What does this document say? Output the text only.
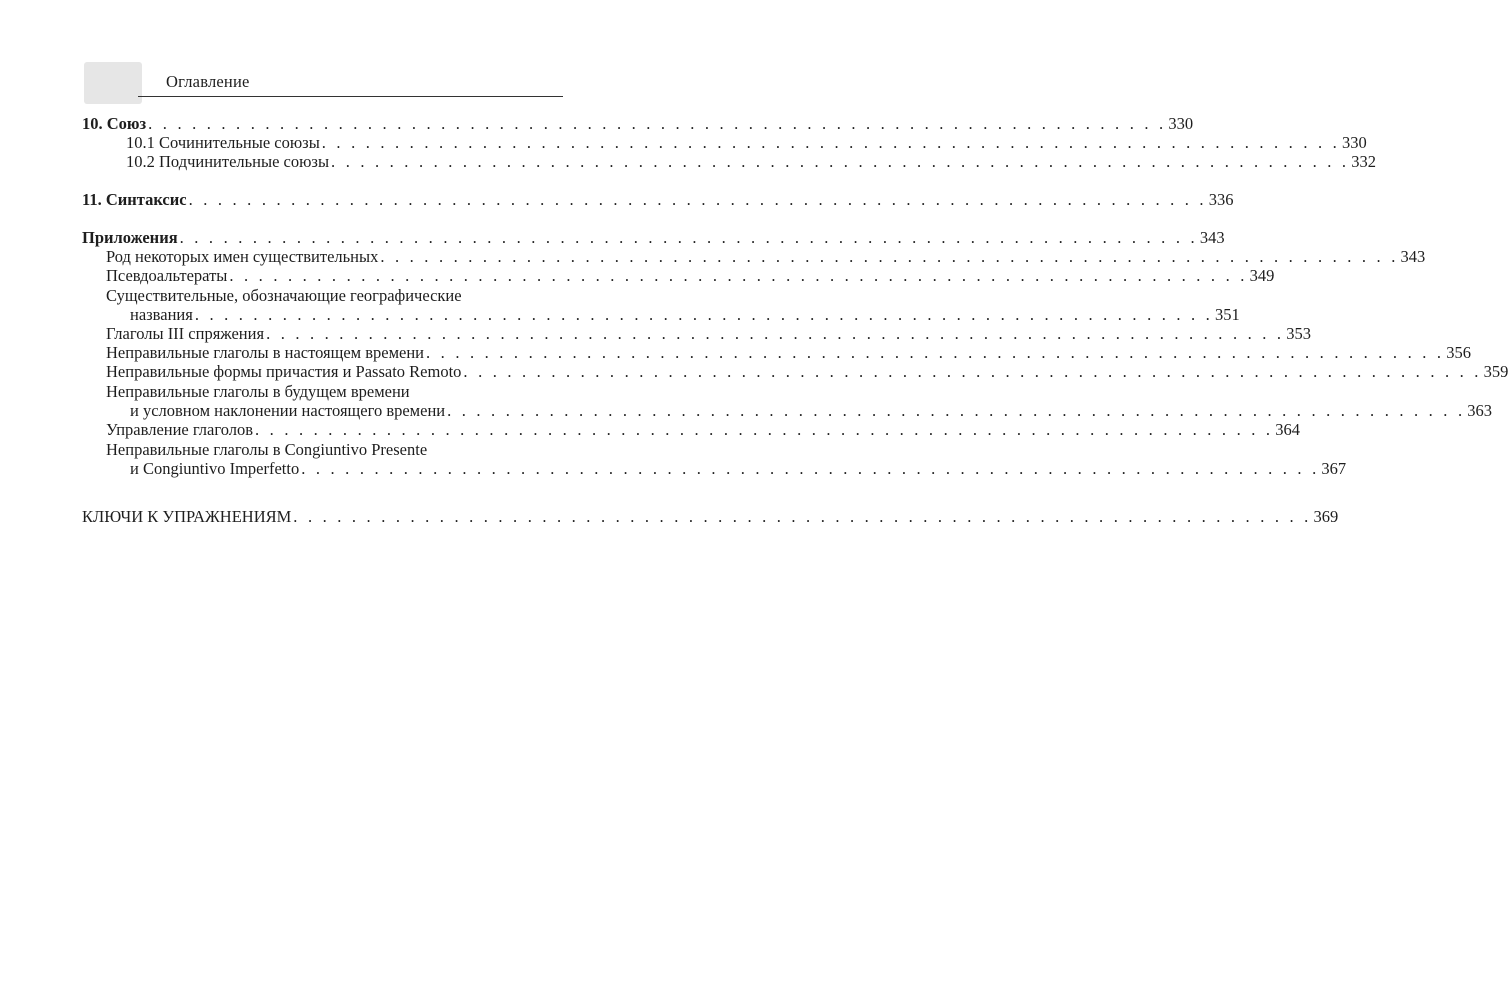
Оглавление
10. Союз . . . . . . . . . . . . . . . . . . . . . . . . . . . . . . . . . . . . . . . . . . . . . . . . . . . . . . . . . . . . . . . . . . . . . . 330
10.1 Сочинительные союзы . . . . . . . . . . . . . . . . . . . . . . . . . . . . . . . . . . . . . . . . . . . . . . . . . . . . . . . . . . . . . . . . . . . . . . 330
10.2 Подчинительные союзы . . . . . . . . . . . . . . . . . . . . . . . . . . . . . . . . . . . . . . . . . . . . . . . . . . . . . . . . . . . . . . . . . . . . . . 332
11. Синтаксис . . . . . . . . . . . . . . . . . . . . . . . . . . . . . . . . . . . . . . . . . . . . . . . . . . . . . . . . . . . . . . . . . . . . . . 336
Приложения . . . . . . . . . . . . . . . . . . . . . . . . . . . . . . . . . . . . . . . . . . . . . . . . . . . . . . . . . . . . . . . . . . . . . . 343
Род некоторых имен существительных . . . . . . . . . . . . . . . . . . . . . . . . . . . . . . . . . . . . . . . . . . . . . . . . . . . . . . . . . . . . . . . . . . . . . . 343
Псевдоальтераты . . . . . . . . . . . . . . . . . . . . . . . . . . . . . . . . . . . . . . . . . . . . . . . . . . . . . . . . . . . . . . . . . . . . . . 349
Существительные, обозначающие географические
названия . . . . . . . . . . . . . . . . . . . . . . . . . . . . . . . . . . . . . . . . . . . . . . . . . . . . . . . . . . . . . . . . . . . . . . 351
Глаголы III спряжения . . . . . . . . . . . . . . . . . . . . . . . . . . . . . . . . . . . . . . . . . . . . . . . . . . . . . . . . . . . . . . . . . . . . . . 353
Неправильные глаголы в настоящем времени . . . . . . . . . . . . . . . . . . . . . . . . . . . . . . . . . . . . . . . . . . . . . . . . . . . . . . . . . . . . . . . . . . . . . . 356
Неправильные формы причастия и Passato Remoto . . . . . . . . . . . . . . . . . . . . . . . . . . . . . . . . . . . . . . . . . . . . . . . . . . . . . . . . . . . . . . . . . . . . . . 359
Неправильные глаголы в будущем времени
и условном наклонении настоящего времени . . . . . . . . . . . . . . . . . . . . . . . . . . . . . . . . . . . . . . . . . . . . . . . . . . . . . . . . . . . . . . . . . . . . . . 363
Управление глаголов . . . . . . . . . . . . . . . . . . . . . . . . . . . . . . . . . . . . . . . . . . . . . . . . . . . . . . . . . . . . . . . . . . . . . . 364
Неправильные глаголы в Congiuntivo Presente
и Congiuntivo Imperfetto . . . . . . . . . . . . . . . . . . . . . . . . . . . . . . . . . . . . . . . . . . . . . . . . . . . . . . . . . . . . . . . . . . . . . . 367
КЛЮЧИ К УПРАЖНЕНИЯМ . . . . . . . . . . . . . . . . . . . . . . . . . . . . . . . . . . . . . . . . . . . . . . . . . . . . . . . . . . . . . . . . . . . . . . 369
